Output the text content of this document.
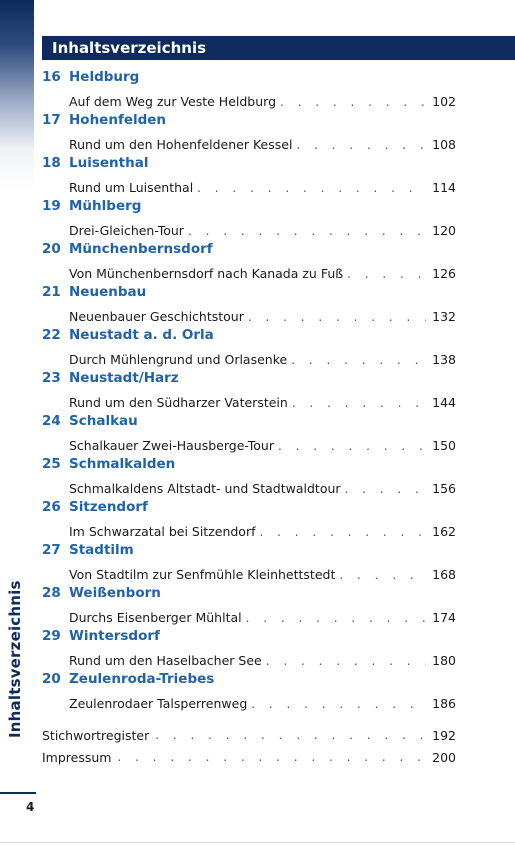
Inhaltsverzeichnis
4
Inhaltsverzeichnis
16 Heldburg
Auf dem Weg zur Veste Heldburg . . .	102
17 Hohenfelden
Rund um den Hohenfeldener Kessel . . .	108
18 Luisenthal
Rund um Luisenthal . . .	114
19 Mühlberg
Drei-Gleichen-Tour . . .	120
20 Münchenbernsdorf
Von Münchenbernsdorf nach Kanada zu Fuß . . .	126
21 Neuenbau
Neuenbauer Geschichtstour . . .	132
22 Neustadt a. d. Orla
Durch Mühlengrund und Orlasenke . . .	138
23 Neustadt/Harz
Rund um den Südharzer Vaterstein . . .	144
24 Schalkau
Schalkauer Zwei-Hausberge-Tour . . .	150
25 Schmalkalden
Schmalkaldens Altstadt- und Stadtwaldtour . . .	156
26 Sitzendorf
Im Schwarzatal bei Sitzendorf . . .	162
27 Stadtilm
Von Stadtilm zur Senfmühle Kleinhettstedt . . .	168
28 Weißenborn
Durchs Eisenberger Mühltal . . .	174
29 Wintersdorf
Rund um den Haselbacher See . . .	180
20 Zeulenroda-Triebes
Zeulenrodaer Talsperrenweg . . .	186
Stichwortregister . . .	192
Impressum . . .	200
